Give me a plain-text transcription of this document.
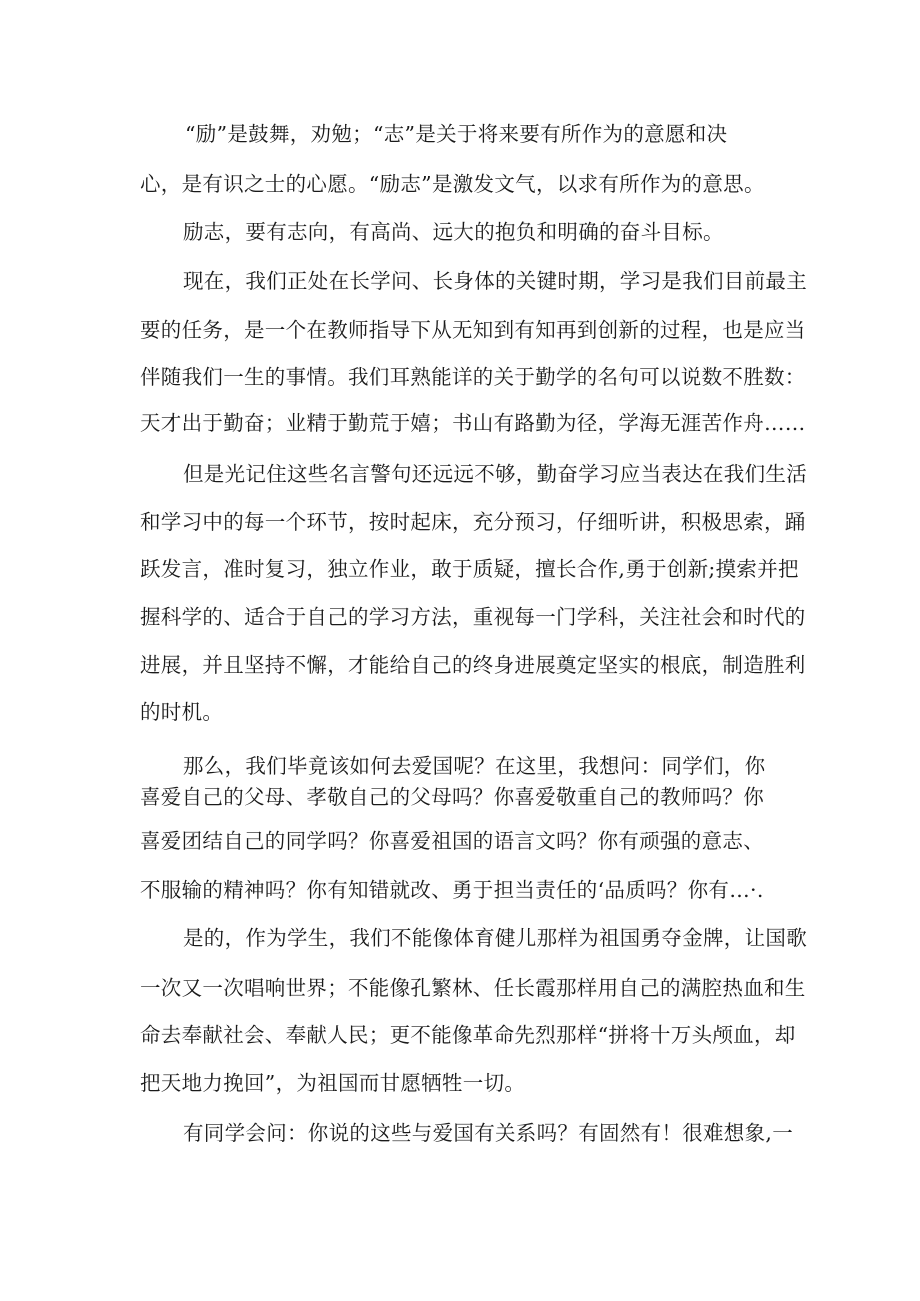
“励”是鼓舞，劝勉；“志”是关于将来要有所作为的意愿和决
心，是有识之士的心愿。“励志”是激发文气，以求有所作为的意思。
励志，要有志向，有高尚、远大的抱负和明确的奋斗目标。
现在，我们正处在长学问、长身体的关键时期，学习是我们目前最主
要的任务，是一个在教师指导下从无知到有知再到创新的过程，也是应当
伴随我们一生的事情。我们耳熟能详的关于勤学的名句可以说数不胜数：
天才出于勤奋；业精于勤荒于嬉；书山有路勤为径，学海无涯苦作舟……
但是光记住这些名言警句还远远不够，勤奋学习应当表达在我们生活
和学习中的每一个环节，按时起床，充分预习，仔细听讲，积极思索，踊
跃发言，准时复习，独立作业，敢于质疑，擅长合作,勇于创新;摸索并把
握科学的、适合于自己的学习方法，重视每一门学科，关注社会和时代的
进展，并且坚持不懈，才能给自己的终身进展奠定坚实的根底，制造胜利
的时机。
那么，我们毕竟该如何去爱国呢？在这里，我想问：同学们，你
喜爱自己的父母、孝敬自己的父母吗？你喜爱敬重自己的教师吗？你
喜爱团结自己的同学吗？你喜爱祖国的语言文吗？你有顽强的意志、
不服输的精神吗？你有知错就改、勇于担当责任的‘品质吗？你有…·.
是的，作为学生，我们不能像体育健儿那样为祖国勇夺金牌，让国歌
一次又一次唱响世界；不能像孔繁林、任长霞那样用自己的满腔热血和生
命去奉献社会、奉献人民；更不能像革命先烈那样“拼将十万头颅血，却
把天地力挽回”，为祖国而甘愿牺牲一切。
有同学会问：你说的这些与爱国有关系吗？有固然有！很难想象,一
